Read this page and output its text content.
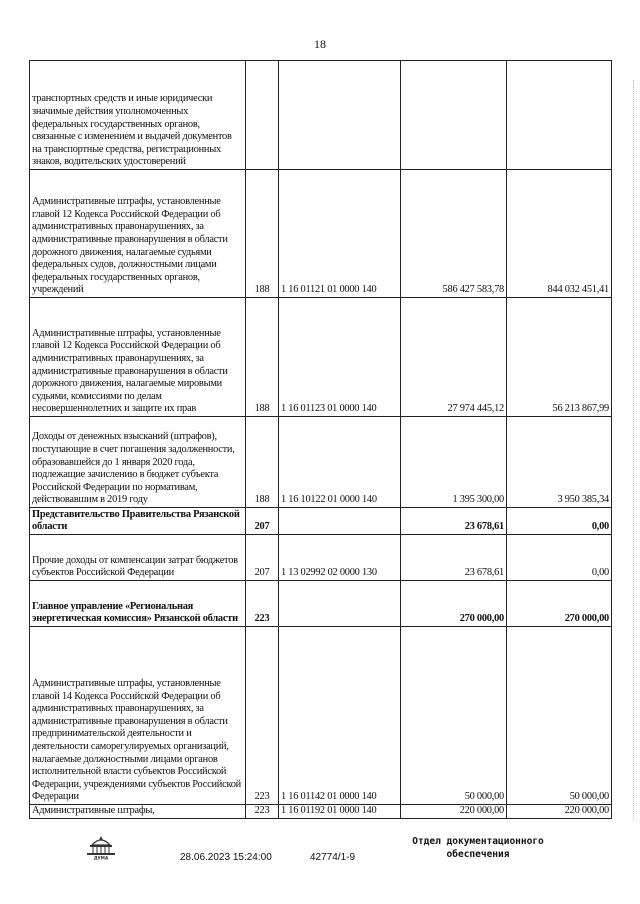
18
транспортных средств и иные юридически значимые действия уполномоченных федеральных государственных органов, связанные с изменением и выдачей документов на транспортные средства, регистрационных знаков, водительских удостоверений				
Административные штрафы, установленные главой 12 Кодекса Российской Федерации об административных правонарушениях, за административные правонарушения в области дорожного движения, налагаемые судьями федеральных судов, должностными лицами федеральных государственных органов, учреждений	188	1 16 01121 01 0000 140	586 427 583,78	844 032 451,41
Административные штрафы, установленные главой 12 Кодекса Российской Федерации об административных правонарушениях, за административные правонарушения в области дорожного движения, налагаемые мировыми судьями, комиссиями по делам несовершеннолетних и защите их прав	188	1 16 01123 01 0000 140	27 974 445,12	56 213 867,99
Доходы от денежных взысканий (штрафов), поступающие в счет погашения задолженности, образовавшейся до 1 января 2020 года, подлежащие зачислению в бюджет субъекта Российской Федерации по нормативам, действовавшим в 2019 году	188	1 16 10122 01 0000 140	1 395 300,00	3 950 385,34
Представительство Правительства Рязанской области	207		23 678,61	0,00
Прочие доходы от компенсации затрат бюджетов субъектов Российской Федерации	207	1 13 02992 02 0000 130	23 678,61	0,00
Главное управление «Региональная энергетическая комиссия» Рязанской области	223		270 000,00	270 000,00
Административные штрафы, установленные главой 14 Кодекса Российской Федерации об административных правонарушениях, за административные правонарушения в области предпринимательской деятельности и деятельности саморегулируемых организаций, налагаемые должностными лицами органов исполнительной власти субъектов Российской Федерации, учреждениями субъектов Российской Федерации	223	1 16 01142 01 0000 140	50 000,00	50 000,00
Административные штрафы,	223	1 16 01192 01 0000 140	220 000,00	220 000,00
ДУМА
Отдел документационного
обеспечения
28.06.2023 15:24:00	42774/1-9
